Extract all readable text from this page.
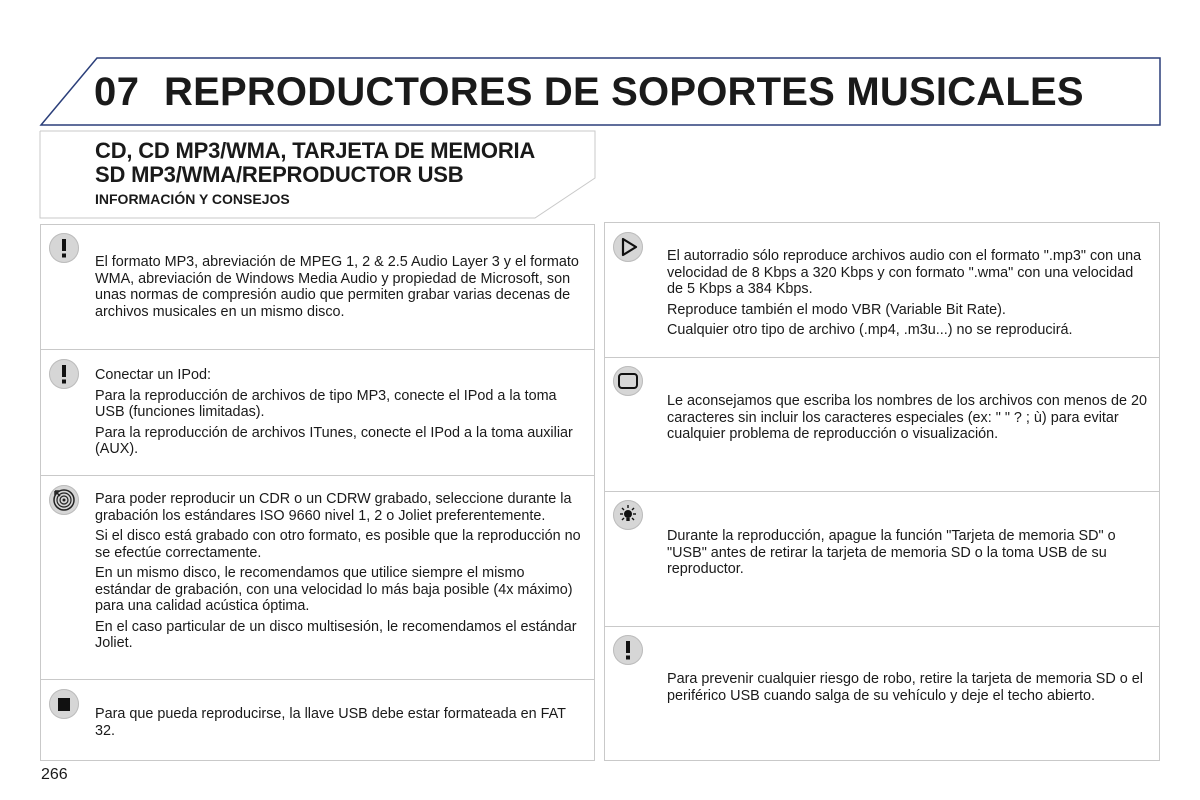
07 REPRODUCTORES DE SOPORTES MUSICALES
CD, CD MP3/WMA, TARJETA DE MEMORIA
SD MP3/WMA/REPRODUCTOR USB
INFORMACIÓN Y CONSEJOS

El formato MP3, abreviación de MPEG 1, 2 & 2.5 Audio Layer 3 y el formato WMA, abreviación de Windows Media Audio y propiedad de Microsoft, son unas normas de compresión audio que permiten grabar varias decenas de archivos musicales en un mismo disco.

Conectar un IPod:

Para la reproducción de archivos de tipo MP3, conecte el IPod a la toma USB (funciones limitadas).

Para la reproducción de archivos ITunes, conecte el IPod a la toma auxiliar (AUX).

Para poder reproducir un CDR o un CDRW grabado, seleccione durante la grabación los estándares ISO 9660 nivel 1, 2 o Joliet preferentemente.

Si el disco está grabado con otro formato, es posible que la reproducción no se efectúe correctamente.

En un mismo disco, le recomendamos que utilice siempre el mismo estándar de grabación, con una velocidad lo más baja posible (4x máximo) para una calidad acústica óptima.

En el caso particular de un disco multisesión, le recomendamos el estándar Joliet.

Para que pueda reproducirse, la llave USB debe estar formateada en FAT 32.

El autorradio sólo reproduce archivos audio con el formato ".mp3" con una velocidad de 8 Kbps a 320 Kbps y con formato ".wma" con una velocidad de 5 Kbps a 384 Kbps.

Reproduce también el modo VBR (Variable Bit Rate).

Cualquier otro tipo de archivo (.mp4, .m3u...) no se reproducirá.

Le aconsejamos que escriba los nombres de los archivos con menos de 20 caracteres sin incluir los caracteres especiales (ex: " " ? ; ù) para evitar cualquier problema de reproducción o visualización.

Durante la reproducción, apague la función "Tarjeta de memoria SD" o "USB" antes de retirar la tarjeta de memoria SD o la toma USB de su reproductor.

Para prevenir cualquier riesgo de robo, retire la tarjeta de memoria SD o el periférico USB cuando salga de su vehículo y deje el techo abierto.

266
